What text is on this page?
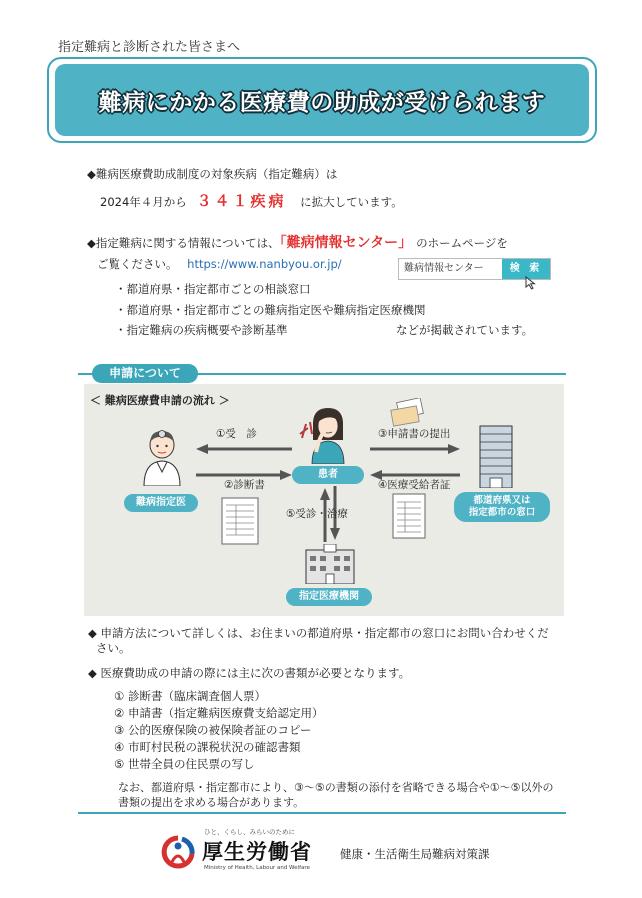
指定難病と診断された皆さまへ
難病にかかる医療費の助成が受けられます
◆難病医療費助成制度の対象疾病（指定難病）は
2024年４月から ３４１疾病 に拡大しています。
◆指定難病に関する情報については、「難病情報センター」 のホームページを
ご覧ください。 https://www.nanbyou.or.jp/	難病情報センター	検 索
・都道府県・指定都市ごとの相談窓口
・都道府県・指定都市ごとの難病指定医や難病指定医療機関
・指定難病の疾病概要や診断基準	などが掲載されています。
申請について
＜ 難病医療費申請の流れ ＞
難病指定医
患者
都道府県又は
指定都市の窓口
①受　診
②診断書
③申請書の提出
④医療受給者証
⑤受診・治療
指定医療機関
◆ 申請方法について詳しくは、お住まいの都道府県・指定都市の窓口にお問い合わせくだ
さい。
◆ 医療費助成の申請の際には主に次の書類が必要となります。
① 診断書（臨床調査個人票）
② 申請書（指定難病医療費支給認定用）
③ 公的医療保険の被保険者証のコピー
④ 市町村民税の課税状況の確認書類
⑤ 世帯全員の住民票の写し
なお、都道府県・指定都市により、③～⑤の書類の添付を省略できる場合や①～⑤以外の
書類の提出を求める場合があります。
ひと、くらし、みらいのために
厚生労働省
Ministry of Health, Labour and Welfare
健康・生活衛生局難病対策課
